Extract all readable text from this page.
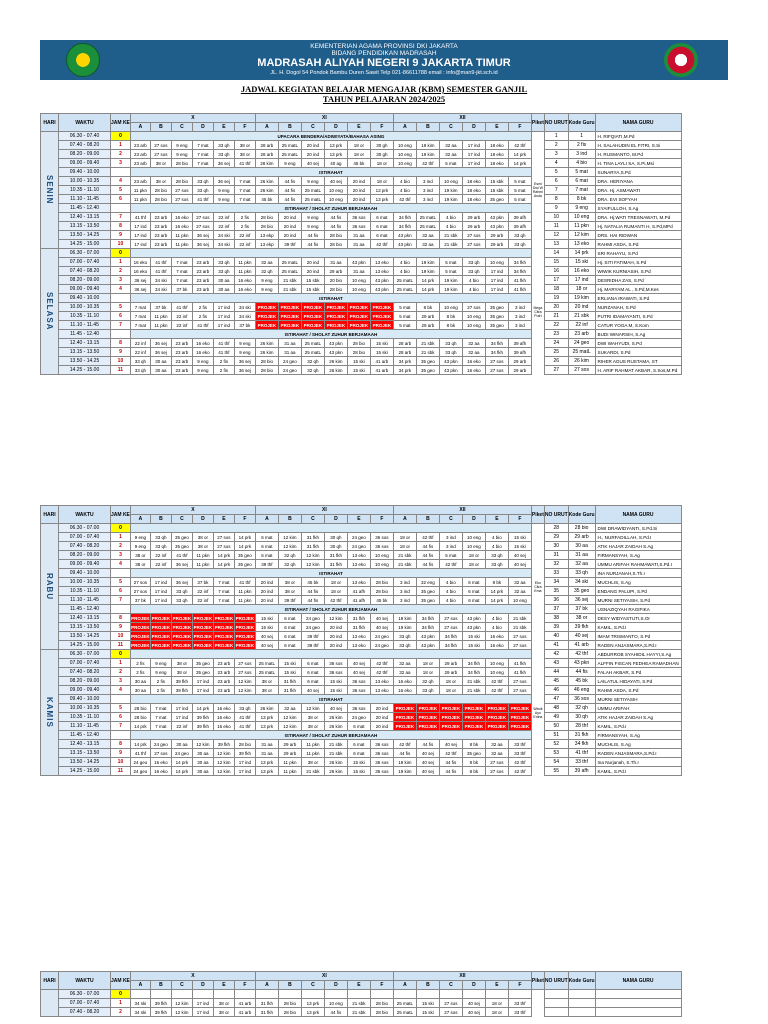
KEMENTERIAN AGAMA PROVINSI DKI JAKARTA
BIDANG PENDIDIKAN MADRASAH
MADRASAH ALIYAH NEGERI 9 JAKARTA TIMUR
JL. H. Dogol 54 Pondok Bambu Duren Sawit Telp 021-86611788 email : info@man9-jkt.sch.id
JADWAL KEGIATAN BELAJAR MENGAJAR (KBM) SEMESTER GANJIL
TAHUN PELAJARAN 2024/2025
HARI	WAKTU	JAM KE	X						XI						XII						Piket	NO URUT	Kode Guru	NAMA GURU
			A	B	C	D	E	F	A	B	C	D	E	F	A	B	C	D	E	F				
SENIN	06.30 - 07.40	0	UPACARA BENDERA/ADIWIYATA/BAHASA ASING																		Esmi Dwi W Rahmi Asda	1	1	H. RIFQIATI,M.Pd
	07.40 - 08.20	1	23 arb	27 sos	9 eng	7 mat	33 qh	38 or	28 arb	25 matL	20 ind	13 prk	18 or	30 gh	10 eng	19 kim	32 aa	17 ind	18 eko	42 thf		2	2 fis	H. SALAHUDIN EL FITRI, S.Si
	08.20 - 09.00	2	23 arb	27 sos	9 eng	7 mat	33 qh	38 or	28 arb	25 matL	20 ind	13 prk	18 or	30 gh	10 eng	19 kim	32 aa	17 ind	18 eko	14 prk		3	3 ind	H. RUSMANTO, M.Pd
	09.00 - 09.40	3	23 arb	38 or	28 bio	7 mat	36 sej	41 thf	28 kim	9 eng	40 sej	40 ag	45 bk	18 or	10 eng	42 thf	5 mat	17 ind	18 eko	14 prk		4	4 bio	H. TINA LAYLI SA, S.Pi,Msi
	09.40 - 10.00		ISTIRAHAT																			5	5 mat	SUNARYA,S.Pd
	10.00 - 10.35	4	23 arb	38 or	28 bio	33 qh	36 sej	7 mat	26 kim	44 fis	9 eng	40 sej	20 ind	18 or	4 bio	3 ind	10 eng	18 eko	15 sbk	5 mat		6	6 mat	DRA. HERIYANA
	10.35 - 11.10	5	11 pkn	28 bio	27 sos	33 qh	9 eng	7 mat	26 kim	44 fis	25 matL	10 eng	20 ind	13 prk	4 bio	3 ind	19 kim	18 eko	15 sbk	5 mat		7	7 mat	DRA. Hj. ASMAWATI
	11.10 - 11.45	6	11 pkn	28 bio	27 sos	41 thf	9 eng	7 mat	45 bk	44 fis	25 matL	10 eng	20 ind	13 prk	42 thf	3 ind	19 kim	18 eko	35 geo	5 mat		8	8 bk	DRA. EVI SOFYAH
	11.45 - 12.40		ISTIRAHAT / SHOLAT ZUHUR BERJAMAAH																			9	9 eng	SYAIFULLOH, S.Ag
	12.40 - 13.15	7	41 thf	23 arb	16 eko	27 sos	22 inf	2 fis	28 bio	20 ind	9 eng	44 fis	36 sos	6 mat	34 fkh	25 matL	4 bio	29 arb	43 pkn	39 afh		10	10 eng	DRA. Hj.WATI TRESNAWATI, M.Pd
	13.15 - 13.50	8	17 ind	23 arb	16 eko	27 sos	22 inf	2 fis	28 bio	20 ind	9 eng	44 fis	36 sos	6 mat	34 fkh	25 matL	4 bio	29 arb	43 pkn	39 afh		11	11 pkn	Hj. NATALIA RUMANTI H, S.Pd,MPd
	13.50 - 14.25	9	17 ind	23 arb	11 pkn	36 sej	34 ski	22 inf	13 ekp	20 ind	44 fis	28 bio	31 aa	6 mat	43 pkn	32 aa	21 sbk	27 sos	29 arb	33 qh		12	12 kim	DRS. HAI RIDWAN
	14.25 - 15.00	10	17 ind	23 arb	11 pkn	36 sej	34 ski	22 inf	13 ekp	39 thf	44 fis	28 bio	31 aa	42 thf	43 pkn	32 aa	21 sbk	27 sos	29 arb	33 qh		13	13 eko	RAHMI ASDA, S.Pd
SELASA	06.30 - 07.00	0																			Mega Citra Putri	14	14 prk	SRI RAHAYU, S.Pd
	07.00 - 07.40	1	16 eko	41 thf	7 mat	23 arb	33 qh	11 pkn	32 aa	25 matL	20 ind	31 aa	43 pkn	13 eko	4 bio	19 kim	5 mat	33 qh	10 eng	34 fkh		15	15 ski	Hj. SITI FATIMAH, S.Pd
	07.40 - 08.20	2	16 eko	41 thf	7 mat	23 arb	33 qh	11 pkn	32 qh	25 matL	20 ind	29 arb	31 aa	13 eko	4 bio	19 kim	5 mat	33 qh	17 ind	34 fkh		16	16 eko	WIWIK KURNIASIH, S.Pd
	08.20 - 09.00	3	36 sej	34 ski	7 mat	23 arb	30 aa	16 eko	9 eng	21 sbk	15 sbk	20 bio	10 eng	43 pkn	25 matL	14 prk	19 kim	4 bio	17 ind	41 fkh		17	17 ind	DESRIDHA ZAS, S.Pd
	09.00 - 09.40	4	36 sej	34 ski	37 bk	23 arb	30 aa	16 eko	9 eng	21 sbk	15 sbk	28 bio	10 eng	43 pkn	25 matL	14 prk	19 kim	4 bio	17 ind	41 fkh		18	18 or	Hj. MARYAM AL , S.Pd,M.Kes
	09.40 - 10.00		ISTIRAHAT																			19	19 kim	ERLIANA IRAWATI, S.Pd
	10.00 - 10.35	5	7 mat	37 bk	41 thf	2 fis	17 ind	34 ski	PROJEK	PROJEK	PROJEK	PROJEK	PROJEK	PROJEK	5 mat	8 bk	10 eng	27 sos	35 geo	3 ind		20	20 ind	NURZANAH, S.Pd
	10.35 - 11.10	6	7 mat	11 pkn	22 inf	2 fis	17 ind	34 ski	PROJEK	PROJEK	PROJEK	PROJEK	PROJEK	PROJEK	5 mat	29 arb	8 bk	10 eng	35 geo	3 ind		21	21 sbk	PUTRI IDAMAYANTI, S.Pd
	11.10 - 11.45	7	7 mat	11 pkn	22 inf	41 thf	17 ind	37 bk	PROJEK	PROJEK	PROJEK	PROJEK	PROJEK	PROJEK	5 mat	29 arb	8 bk	10 eng	35 geo	3 ind		22	22 inf	CATUR YOGA M, S.Kom
	11.45 - 12.40		ISTIRAHAT / SHOLAT ZUHUR BERJAMAAH																			23	23 arb	BUDI WINARSIH, S.Ag
	12.40 - 13.15	8	22 inf	36 sej	23 arb	16 eko	41 thf	9 eng	26 kim	31 aa	25 matL	43 pkn	28 bio	15 ski	28 arb	21 sbk	33 qh	32 aa	34 fkh	39 afh		24	24 geo	DWI WAHYUDI, S.Pd
	13.15 - 13.50	9	22 inf	36 sej	23 arb	16 eko	41 thf	9 eng	26 kim	31 aa	25 matL	43 pkn	28 bio	15 ski	28 arb	21 sbk	33 qh	32 aa	34 fkh	39 afh		25	25 matL	SUKARDI, S.Pd
	13.50 - 14.25	10	33 qh	30 aa	23 arb	9 eng	2 fis	36 sej	28 bio	24 geo	32 qh	26 kim	15 ski	41 arb	34 prk	35 geo	43 pkn	16 eko	27 sos	29 arb		26	26 kim	RIHER AGUS RUSTAMA, ST
	14.25 - 15.00	11	33 qh	30 aa	23 arb	9 eng	2 fis	36 sej	28 bio	24 geo	32 qh	26 kim	15 ski	41 arb	34 prk	35 geo	43 pkn	16 eko	27 sos	29 arb		27	27 sos	H. ARIF RAHMAT AKBAR, S.Sos,M.Pd
HARI	WAKTU	JAM KE	X						XI						XII						Piket	NO URUT	Kode Guru	NAMA GURU
			A	B	C	D	E	F	A	B	C	D	E	F	A	B	C	D	E	F				
RABU	06.30 - 07.00	0																			Eko Citra Ema	28	28 bio	DWI DRAWIDYANTI, S.Pd.Si
	07.00 - 07.40	1	9 eng	33 qh	35 geo	38 or	27 sos	14 prk	6 mat	12 kim	31 fkh	30 qh	24 geo	36 sos	18 or	42 thf	3 ind	10 eng	4 bio	15 ski		29	29 arb	H., NURFADILLAH, S.Pd.I
	07.40 - 08.20	2	9 eng	33 qh	35 geo	38 or	27 sos	14 prk	6 mat	12 kim	31 fkh	30 qh	24 geo	36 sos	18 or	44 fis	3 ind	10 eng	4 bio	15 ski		30	30 aa	ATIK HAJAR ZAIDAH S.Ag
	08.20 - 09.00	3	38 or	22 inf	41 thf	11 pkn	14 prk	35 geo	6 mat	32 qh	12 kim	31 fkh	13 eko	10 eng	21 sbk	44 fis	5 mat	18 or	33 qh	40 sej		31	31 aa	FIRMANSYAH, S.Ag
	09.00 - 09.40	4	38 or	22 inf	36 sej	11 pkn	14 prk	35 geo	39 thf	32 qh	12 kim	31 fkh	13 eko	10 eng	21 sbk	44 fis	42 thf	18 or	33 qh	40 sej		32	32 aa	UMMU ARIFAH RAHMAWATI,S.Pd.I
	09.40 - 10.00		ISTIRAHAT																			33	33 qh	INA NURJANAH,S.Th.I
	10.00 - 10.35	5	27 sos	17 ind	36 sej	37 bk	7 mat	41 thf	20 ind	38 or	45 bk	18 or	13 eko	28 bio	3 ind	32 eng	4 bio	6 mat	8 bk	32 aa		34	34 ski	MUCHLIS, S.Ag
	10.35 - 11.10	6	27 sos	17 ind	33 qh	22 inf	7 mat	11 pkn	20 ind	38 or	44 fis	18 or	41 afh	28 bio	3 ind	35 geo	4 bio	6 mat	14 prk	32 aa		35	35 geo	ENDANG PALUPI, S.Pd
	11.10 - 11.45	7	37 bk	17 ind	33 qh	22 inf	7 mat	11 pkn	20 ind	39 thf	44 fis	42 thf	41 afh	45 bk	3 ind	35 geo	4 bio	6 mat	14 prk	10 eng		36	36 sej	MURNI SETIYASIH, S.Pd
	11.45 - 12.40		ISTIRAHAT / SHOLAT ZUHUR BERJAMAAH																			37	37 bk	USNAZIQYAH RAGIFIKA
	12.40 - 13.15	8	PROJEK	PROJEK	PROJEK	PROJEK	PROJEK	PROJEK	15 ski	6 mat	24 geo	12 kim	31 fkh	40 sej	19 kim	34 fkh	27 sos	43 pkn	4 bio	21 sbk		38	38 or	DESY WIDYASTUTI,S.Or
	13.15 - 13.50	9	PROJEK	PROJEK	PROJEK	PROJEK	PROJEK	PROJEK	15 ski	6 mat	24 geo	20 ind	31 fkh	40 sej	19 kim	34 fkh	27 sos	43 pkn	4 bio	21 sbk		39	39 fkh	KAMIL, S.Pd.I
	13.50 - 14.25	10	PROJEK	PROJEK	PROJEK	PROJEK	PROJEK	PROJEK	40 sej	6 mat	39 thf	20 ind	13 eko	24 geo	33 qh	43 pkn	34 fkh	15 ski	16 eko	27 sos		40	40 sej	IMAM TRISMANTO, S.Pd
	14.25 - 15.00	11	PROJEK	PROJEK	PROJEK	PROJEK	PROJEK	PROJEK	40 sej	6 mat	39 thf	20 ind	13 eko	24 geo	33 qh	43 pkn	34 fkh	15 ski	16 eko	27 sos		41	41 arb	RADEN ANJASMARA,S.Pd.I
KAMIS	06.30 - 07.00	0																			Wiwik Ayu Erlina	42	42 thf	ABDURROB SYAHIDIL HAYYI,S.Ag
	07.00 - 07.40	1	2 fis	9 eng	38 or	35 geo	23 arb	27 sos	25 matL	15 ski	6 mat	36 sos	40 sej	42 thf	32 aa	18 or	29 arb	34 fkh	10 eng	41 fkh		43	43 pkn	ALFFIN FISCAN FEDHEA RAMADHAN
	07.40 - 08.20	2	2 fis	9 eng	38 or	35 geo	23 arb	27 sos	25 matL	15 ski	6 mat	36 sos	40 sej	42 thf	32 aa	18 or	29 arb	34 fkh	10 eng	41 fkh		44	44 fis	FALAH AKBAR, S.Pd
	08.20 - 09.00	3	30 aa	2 fis	39 fkh	17 ind	23 arb	12 kim	38 or	31 fkh	6 mat	15 ski	36 sos	13 eko	16 eko	32 qh	18 or	21 sbk	42 thf	27 sos		45	45 bk	LAILATUL HIDAYATI, S.Pd
	09.00 - 09.40	4	30 aa	2 fis	39 fkh	17 ind	23 arb	12 kim	38 or	31 fkh	40 sej	15 ski	36 sos	13 eko	16 eko	33 qh	18 or	21 sbk	42 thf	27 sos		46	46 eng	RAHMI ASDA, S.Pd
	09.40 - 10.00		ISTIRAHAT																			47	36 sos	MURNI SETIYASIH
	10.00 - 10.35	5	28 bio	7 mat	17 ind	14 prk	16 eko	33 qh	26 kim	32 aa	12 kim	40 sej	36 sos	20 ind	PROJEK	PROJEK	PROJEK	PROJEK	PROJEK	PROJEK		48	32 qh	UMMU ARIFAH
	10.35 - 11.10	6	28 bio	7 mat	17 ind	39 fkh	16 eko	41 thf	13 prk	12 kim	38 or	26 kim	24 geo	20 ind	PROJEK	PROJEK	PROJEK	PROJEK	PROJEK	PROJEK		49	30 qh	ATIK HAJAR ZAIDAH S.Ag
	11.10 - 11.45	7	14 prk	7 mat	22 inf	39 fkh	16 eko	41 thf	13 prk	12 kim	38 or	26 kim	6 mat	20 ind	PROJEK	PROJEK	PROJEK	PROJEK	PROJEK	PROJEK		50	28 thf	KAMIL, S.Pd.I
	11.45 - 12.40		ISTIRAHAT / SHOLAT ZUHUR BERJAMAAH																			51	31 fkh	FIRMANSYAH, S.Ag
	12.40 - 13.15	8	14 prk	24 geo	30 aa	12 kim	39 fkh	28 bio	31 aa	29 arb	11 pkn	21 sbk	6 mat	36 sos	42 thf	44 fis	40 sej	8 bk	32 aa	33 thf		52	34 fkh	MUCHLIS, S.Ag
	13.15 - 13.50	9	41 thf	27 sos	24 geo	30 aa	12 kim	39 fkh	31 aa	29 arb	11 pkn	21 sbk	6 mat	36 sos	44 fis	40 sej	42 thf	35 geo	32 aa	33 thf		53	41 thf	RADEN ANJASMARA,S.Pd.I
	13.50 - 14.25	10	24 geo	16 eko	14 prk	30 aa	12 kim	17 ind	13 prk	11 pkn	38 or	26 kim	15 ski	36 sos	19 kim	40 sej	44 fis	8 bk	27 sos	42 thf		54	33 thf	Ina Nurjanah, S.Th.I
	14.25 - 15.00	11	24 geo	16 eko	14 prk	30 aa	12 kim	17 ind	13 prk	11 pkn	21 sbk	26 kim	15 ski	36 sos	19 kim	40 sej	44 fis	8 bk	27 sos	42 thf		55	39 afh	KAMIL, S.Pd.I
HARI	WAKTU	JAM KE	X						XI						XII						Piket	NO URUT	Kode Guru	NAMA GURU
			A	B	C	D	E	F	A	B	C	D	E	F	A	B	C	D	E	F				
	06.30 - 07.00	0																						
	07.00 - 07.40	1	34 ski	39 fkh	12 kim	17 ind	38 or	41 arb	31 fkh	28 bio	13 prk	10 eng	21 sbk	28 bio	25 matL	15 ski	27 sos	40 sej	18 or	33 thf				
	07.40 - 08.20	2	34 ski	39 fkh	12 kim	17 ind	38 or	41 arb	31 fkh	28 bio	13 prk	44 fis	21 sbk	28 bio	25 matL	15 ski	27 sos	40 sej	18 or	33 thf				
